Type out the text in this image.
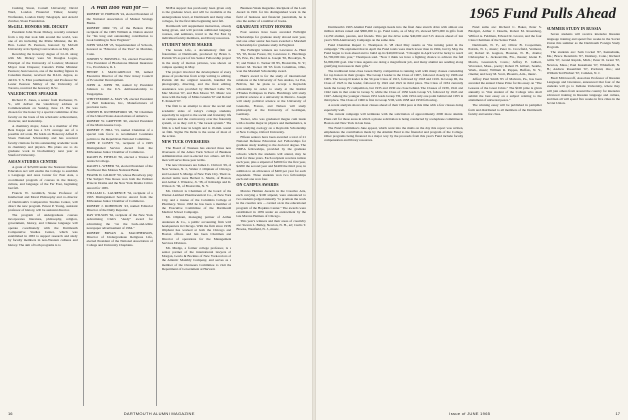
Cushing Street, Cornell University; David Ward, London Financial Times; Jeremy Wolfenden, London Daily Telegraph, and Arnold Zurcher, Sloan Foundation.

McGILL HONORS MR. DICKEY

President John Sloan Dickey, recently returned from a trip that took him around the world, was one of six including the Prime Minister, the Rt. Hon. Lester B. Pearson, honored by McGill University at its Spring Convocation on May 28.

Receiving the honorary degree of LL.D. along with Mr. Dickey were Sir Douglas Logan, Principal of the University of London; Montreal Mayor Jean Drapeau; Canada's Prime Minister Pearson; Jean Gascon, one of the leading figures in Canadian theater, received the D.Litt. degree, as did Dr. T. S. Eliot posthumously; and Professor Sir Lester Pearson Smiley of the University of Toronto, received the honorary D.Sc.

VALEDICTORY SPEAKER

Richard E. Jones, a senior from Rochester, N. Y., will deliver the valedictory address at Commencement on Sunday, June 13. He was chosen for the honor by a special committee of the faculty on the basis of his scholastic achievement, character, and leadership.

A chemistry major, Jones is a member of Phi Beta Kappa and has a 3.72 average out of a possible 4.0 scale. He holds an Honorary Alfred P. Sloan National Scholarship and has received faculty citations for his outstanding academic work in chemistry and physics. His plans are to do graduate work in biochemistry next year at Stanford University.

ASIAN STUDIES CENTER

A grant of $25,000 under the National Defense Education Act will enable the College to establish a Language and Area Center for East Asia, a coordinated program of courses in the history, culture, and language of the Far East, beginning last fall.

Francis W. Gramlich, Stone Professor of Intellectual and Moral Philosophy and co-director of Dartmouth's Comparative Studies Center, will direct the new program. Ernest P. Young, assistant professor of history, will be assistant director.

The program of undergraduate courses incorporates literature, philosophy, religion, government, history, and Chinese language will operate coordinately with the Dartmouth Comparative Studies Center, which was established in 1963 to support research and study by faculty members in non-Western cultures and history. The aim of both programs is to

A Wah Hoo Wah for —

ROBERT W. HOBSON '24, elected President of the National Association of Mutual Savings Banks.

ROBERT ORR '33, of the Benton Prize recipient of the 1965 William A. Dutton Award for "his long and outstanding contribution to book building in New England."

JOHN WALSH '23, Superintendent of Schools, honored as "Educator of the Year" in Meriden, Conn.

JOSEPH V. BOSWELL '34, elected Executive Vice President of Blackstone Mutual Insurance Co., Providence, R. I.

HENRY J. MASCARELLO '38, named Executive Director of the New Jersey Council of Economic Development.

JOHN A. JOHN '38, named by President Johnson to the U.S. Ambassadorship to Tanganyika.

WHITTEMORE A. MAY '28, elected President of Bell Industries, Inc., Manufacturers of precision tools.

JOSEPH B. RUTHERFORD '28, '50 Chairman of the United States Associations of America.

ROBERT W. GRIFFITH '40, elected President of the Maid-Greene Corp.

ROBERT F. HILL '53, named Chairman of a special task force to recommend Louisiana politics to the Republican National Committee.

JOHN P. LOSEY '51, recipient of a 1965 Distinguished Service Award from the Milwaukee Junior Chamber of Commerce.

RALPH B. FIFIELD '36, elected a Trustee of Antioch College.

RALPH L. WEBER '32, elected President of the Northwest Des Moines National Bank.

FRANK D. GILROY '50, whose Broadway play The Subject Was Roses won both the Pulitzer Prize in Drama and the New York Drama Critics Award for 1965.

WILLIAM L. LAURENCE '52, recipient of a 1965 Distinguished Service Award from the Milwaukee Junior Chamber of Commerce.

ROBERT J. ROBINSON '43, named Editorial Director of the Daily Reporter.

RAY WILSON '62, recipient of the New York Advertising Club's "Andy" award for advertising the "on the back-and-white newspaper advertisement of 1964."

ROBERT BRYAN A. MACPHERSON, Director of Undergraduate Religious Life, elected President of the National Association of College and University Chaplains.

NDEA support has previously been given only to the graduate level, and will be available at the undergraduate level, at Dartmouth and many other colleges, for the first time beginning next fall.

Dartmouth will supplement instruction, already being given, and will provide additional language courses, and seminars, travel to the Far East by individual faculty members, and library resources.

STUDENT MOVIE MAKER

The Greek Life, a documentary film on fraternities at Dartmouth, produced by Brian L. Portnik '65 as part of his Senior Fellowship project in the study of motion pictures, was shown on campus opening in May.

The project involved the development of every phase of production from script writing to editing. Portnik did the original research, handled the photography, directing, and the final editing. Assistance was provided by Michael Lidie '65, Mac Morton '67, and Ben Moore '67. Music was done with the help of Miles Gruehn '67 and Robert E. Pennell '67.

The film is an attempt to show the social and academic sides of today's college students, especially in regard to the social and fraternity life on campus and the controversy over the fraternity system, or as they call it, "the Greek system." The film is a half hour in length and is 16-mm. sound on film. Sigma Nu Delta is the scene of most of the action.

NEW TUCK OVERSEERS

The Board of Trustees has elected three new Overseers of the Amos Tuck School of Business Administration and re-elected two others. All five men will serve three-year terms.

The new Overseers are James C. Chilcott '29, of New Vernon, N. J., Walter J. Oliphant of Chicago, and Leonard S. Mudge of New York City. Their re-elected terms were Herbert L. Shultz, of Boston, and Arthur J. Winslow, Jr. '38, of Kittredge and K. Wilson Jr. '36, of Bronxville, N. Y.

Mr. Chilcott is Chairman of the board of the Warner-Lambert Pharmaceutical Co., of New York City, and a trustee of the Columbia College of Pharmacy. Since 1963 he has been a member of the Executive Committee of the Dartmouth Medical School Campaign.

Mr. Oliphant, managing partner of Arthur Andersen & Co., a public accounting firm with headquarters in Chicago. With the firm since 1938, Oliphant has worked at both the Chicago and Boston offices and has been Chairman and Director of operations for the Management Services Division.

Mr. Mudge, a former college professor, is a senior partner of the international lawyers of Morgan, Lewis & Bockius of New York.rectors of the Atlantic Monthly Company, and serves as a member of the Overseers Committee to visit the Department of Government at Harvard.

Business Week magazine. Recipient of the Loeb Award in 1961 for his distinguished work in the field of business and financial journalism, he is also the author of a number of books.

GRADUATE STUDY HONORS

Four seniors have been awarded Fulbright Scholarships for graduate study abroad next year, and one other senior has been awarded a Marshall Scholarship for graduate study in England.

The Fulbright winners are Lawrence A. Hunt '65, '65, Rosie Forest, Ill.; Lawrence C. Hutchings '65, Erie, Pa.; Richard A. Joseph '65, Brooklyn, N. Y.; and Walter C. Tucker III '65, Bronxville, N. Y.; Robert M. Tucker III '65 from Columbus, Ohio, won the Marshall Scholarship award.

Hunt's award is for the study of international relations at the University of San Andres, La Paz, Bolivia, but he plans to accept a Reynolds scholarship in order to study at the Institut d'Etudes Politiques in Paris. Hutchings will study political science at a university in Mexico. Joseph will study political science at the University of Grenoble, France, and Nelson will study philosophy at the University of Gottingen, Germany.

Tucker, who was graduated magna cum laude with a double major in physics and mathematics, is now studying zoology on a Reynolds Scholarship at New College, Oxford University.

Fifteen seniors have been awarded a total of 21 National Defense Education Act Fellowships for graduate study leading to the doctoral degree. The NDEA fellowships, provided by the graduate schools which the students will attend, may be held for three years. Each recipient receives tuition each year, plus a stipend of $2000 for the first year, $2200 the second year and $2400 the third year, in addition to an allowance of $400 per year for each dependent. Three students won two fellowships each and one won four.

ON CAMPUS AWARDS

Marcus Heiman Awards in the Creative Arts, each carrying a $100 stipend, were announced to two students judged annually "to promote the work in the creative arts ... carried on in the educational program of the Hopkins Center." The awards were established in 1959 under an endowment by the late Marcus Heiman of Chicago.

This year's winners and their areas of creativity are: Steven L. Bailey, Newton, N. H., art; Curtis T. Brooks, Westfield, N. J., music.

16	DARTMOUTH ALUMNI MAGAZINE
1965 Fund Pulls Ahead

Dartmouth's 1965 Alumni Fund campaign heads into the final June stretch drive with almost one million dollars raised and $800,000 to go. Fund totals, as of May 25, showed $975,000 in gifts from 12,250 alumni, parents, and friends. This put the drive some $40,000 and 515 donors ahead of last year's 50th Anniversary Campaign on the same date.

Fund Chairman Rupert C. Thompson Jr. '28 cited May results as "the turning point in the campaign." He explained that in April the Fund totals were much lower than in 1964, but by May the Fund began to look ahead and to build up its $40,000 lead. "I thought in April we'd be lucky to reach $1,700,000 this year," Thompson said. "Now I think we have a fighting chance to achieve the full $1,800,000 goal. Our Class Agents are doing a magnificent job, and many alumni are sending along gratifying increases in their gifts."

The traditional inter-class Green Derby competition is running well with many classes contending for top honors in their groups. The Group I leader is the Class of 1907, followed closely by 1906 and 1905. The Group II leader is the 50-year Class of 1915, followed by 1918 and 1919. In Group III, the Class of 1923 is the leader, followed by 1922 and 1921 in third place. The Class of 1934 currently leads the Group IV competition, but 1935 and 1930 are close behind. The Classes of 1939, 1941 and 1942 rank in that order in Group V, while the Class of 1950 leads Group VI, followed by 1945 and 1947. Among the younger classes 1951 leads Group VII, with 1954 only one point behind and 1955 in third place. The Class of 1960 is first in Group VIII, with 1958 and 1959 following.

A recent analysis shows most classes ahead of their 1964 pace at this time with a few classes doing especially well.

The current campaign will terminate with the solicitation of approximately 2000 more alumni. Plans call for those areas in which a phone solicitation is being conducted by a telephone committee in Boston and New York in late June.

The Fund Committee's June appeal, which went into the mails on the day this report was written, emphasizes the contribution made by the Alumni Fund to the financial and program of the College. Other programs being financed in a major way by the proceeds from this year's Fund include faculty compensation and library resources.

Fund sums are: Richard C. Baker, Peter S. Blodgett, Arthur J. Deselle, Robert M. Rosenberg, Wilfred A. Feldman, Edward R. Grover, and the four Class Chairmen of the Senior Fund.

Dartmouth, N. Y., art; Oliver B. Cooperman, Patrick, N. J., music; Peter K. Crowfield, Vermont, art; Robert R. Gagnon, Houston, N. H., drama; Christopher L. Jacksonville, Fla., theater; Glenn E. Morris, Greenwich, Conn.; Jeffrey E. Gilbert, Worcester, Mass., poetry; Robert H. Gilbert, Seattle, Wash., music; William R. Pappas, Buffalo, N. Y., cinema; and Gary M. Scott, Phoenix, Ariz., music.

Jeffrey Paul Smith '65 of Malvern, Pa., has been awarded the annual Chase Prize for his essay on "The Lessons of the Great Crisis." The $100 prize is given annually to "that student of the College who shall submit the best essay on a subject relating to the attainment of universal peace."

The winning essay will be published in pamphlet form and distributed to all members of the Dartmouth faculty and senior class.

SUMMER STUDY IN RUSSIA

Seven students will receive intensive Russian language training and spend five weeks in the Soviet Union this summer as the Dartmouth Foreign Study Program.

The students are: Sam Cockel '67, Kennebunk, Me.; Bruce DeAmicis '67, Danbury, Conn.; Richard Gillis '67, Grand Rapids, Mich.; Peter D. Grant '67, Newton, Mass.; Paul Kussmann '67, Whitefield, N. H.; Andrew Rosenblatt '67, Portland, Ore.; and William Ted Ehrhart '67, Camden, N. J.

Basil Milovsoroff, Associate Professor of Russian Language and Literature, announced that four of the students will go to Indiana University, where they will join others from around the country for intensive advanced training in Russian language and culture, and then all will spend five weeks in five cities in the Soviet Union.

Issue of JUNE 1965	17
